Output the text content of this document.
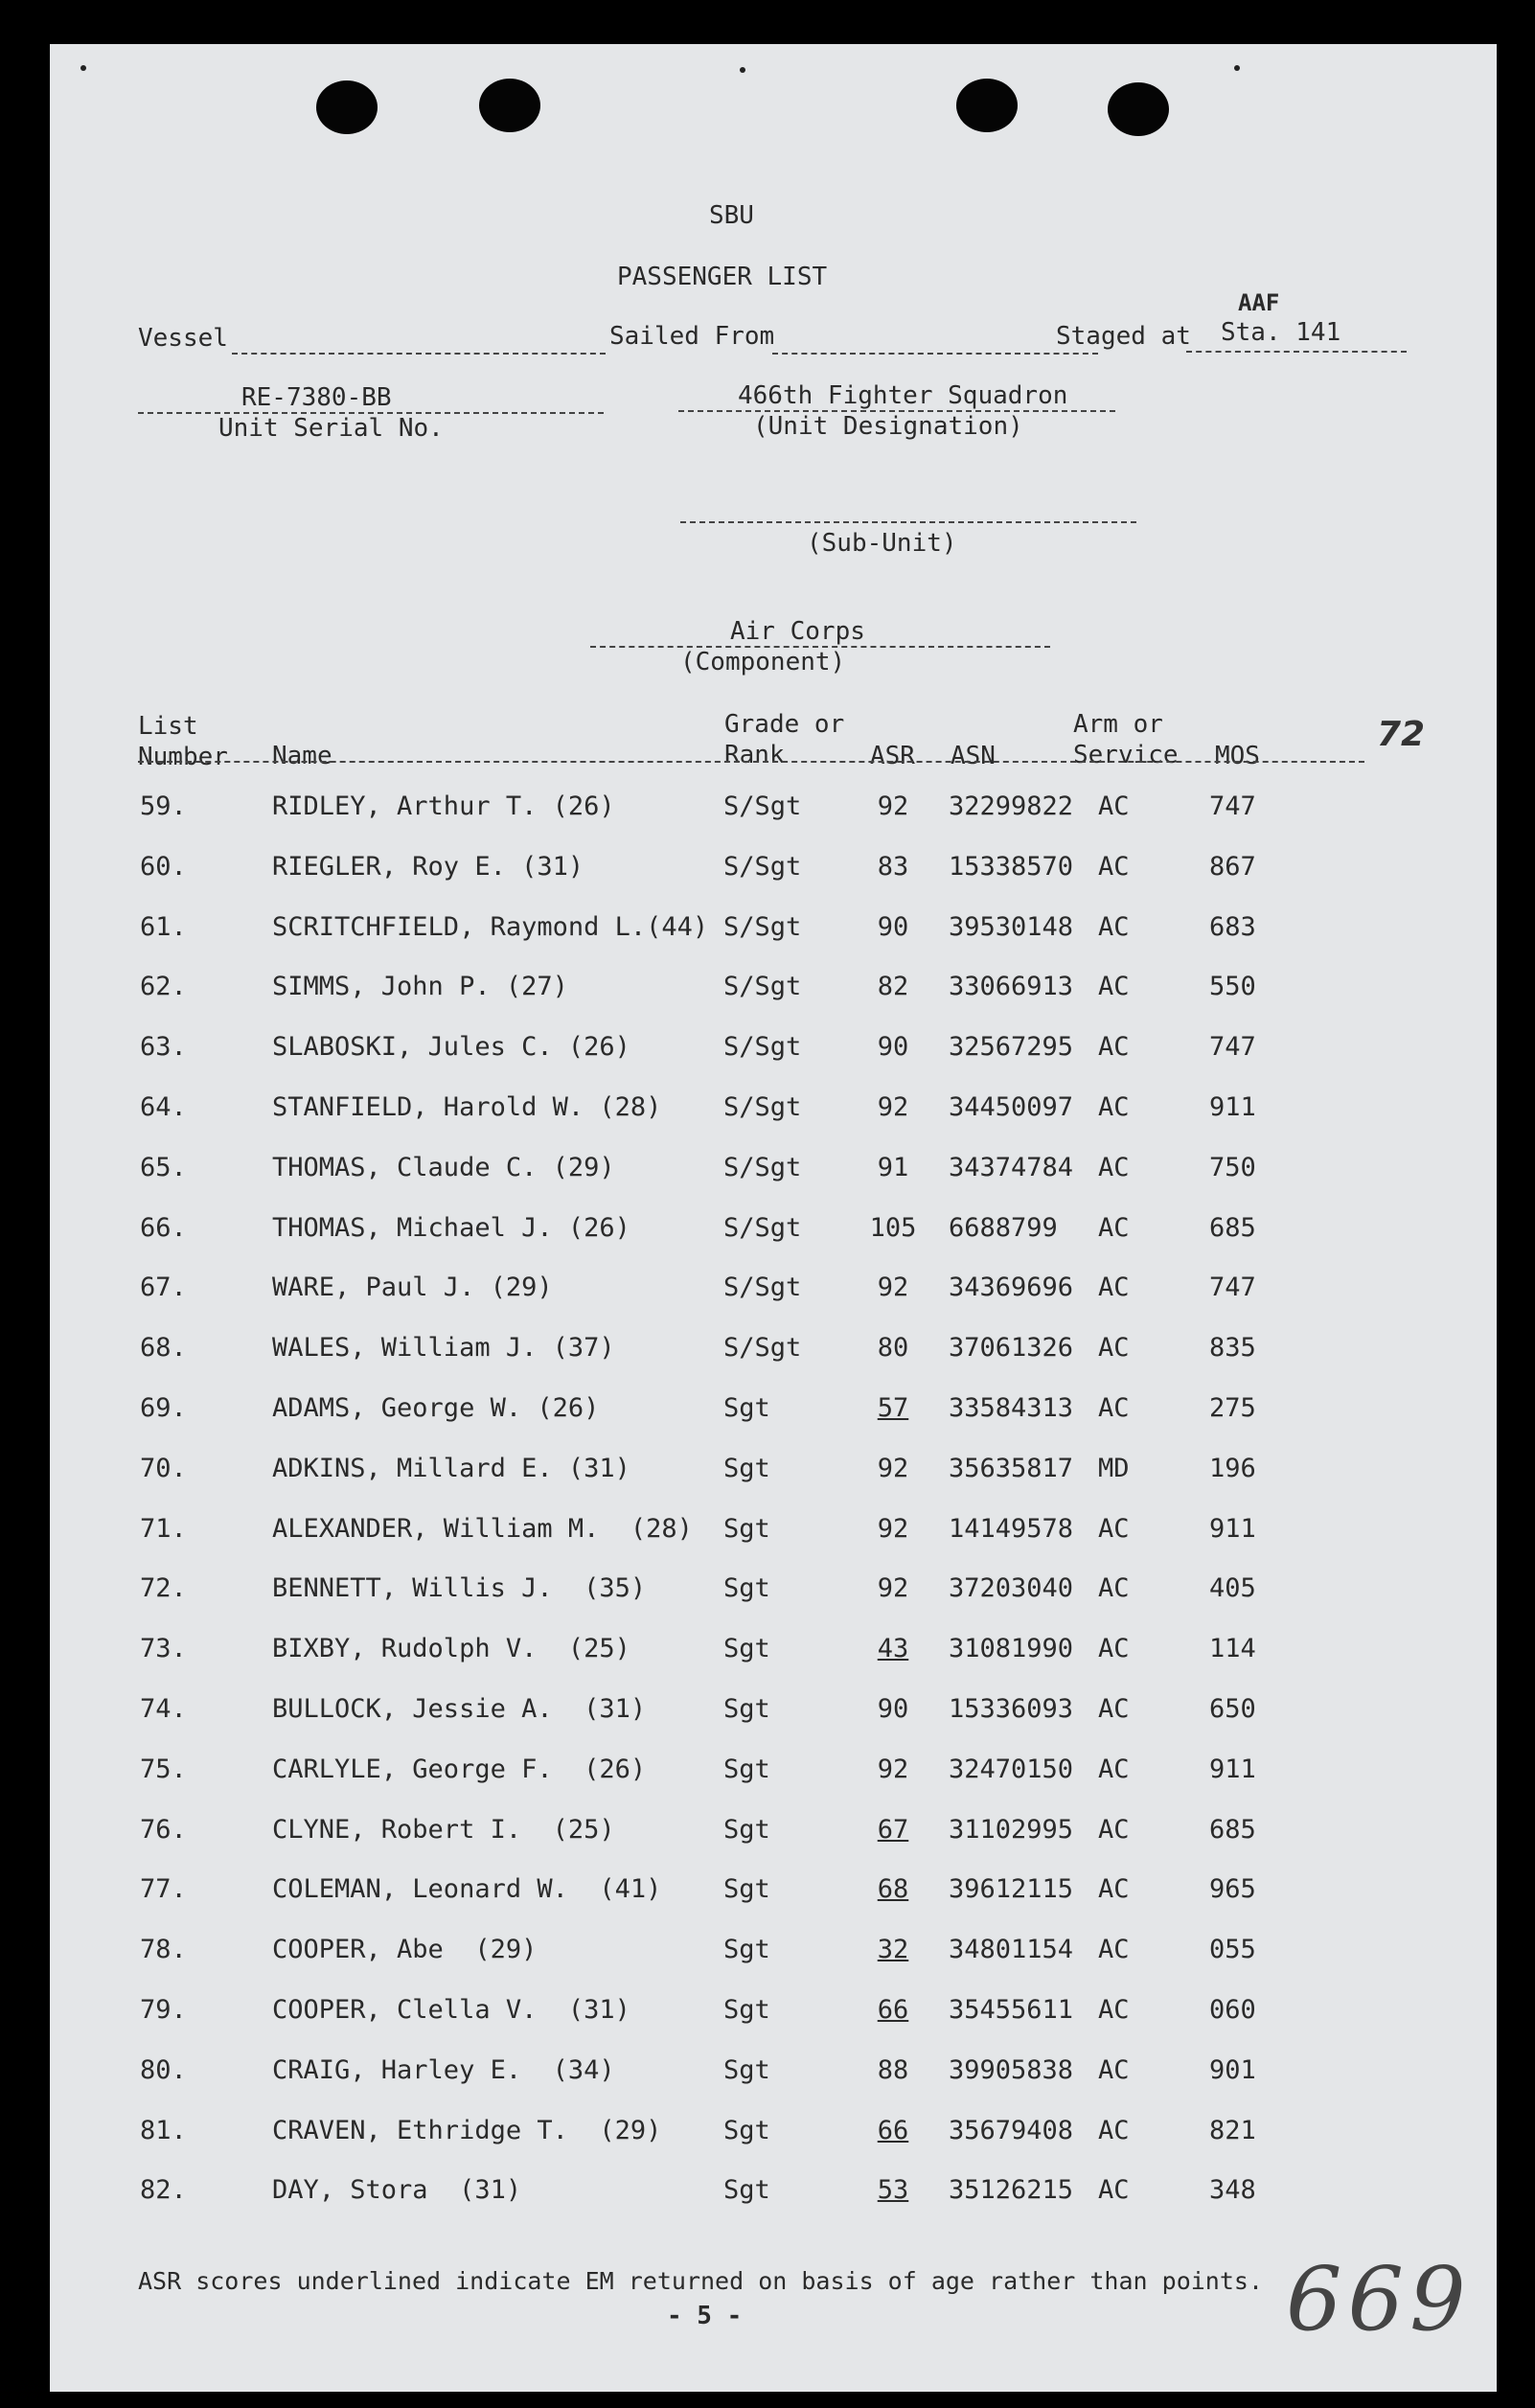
SBU
PASSENGER LIST
Vessel	Sailed From	Staged at
AAF
Sta. 141
RE-7380-BB
Unit Serial No.
466th Fighter Squadron
(Unit Designation)
(Sub-Unit)
Air Corps
(Component)
List
Number Name
Grade or
Rank	ASR ASN
Arm or
Service MOS
72
59.	RIDLEY, Arthur T. (26)	S/Sgt	92	32299822 AC	747
60.	RIEGLER, Roy E. (31)	S/Sgt	83	15338570 AC	867
61.	SCRITCHFIELD, Raymond L.(44) S/Sgt	90	39530148 AC	683
62.	SIMMS, John P. (27)	S/Sgt	82	33066913 AC	550
63.	SLABOSKI, Jules C. (26)	S/Sgt	90	32567295 AC	747
64.	STANFIELD, Harold W. (28) S/Sgt	92	34450097 AC	911
65.	THOMAS, Claude C. (29)	S/Sgt	91	34374784 AC	750
66.	THOMAS, Michael J. (26)	S/Sgt	105 6688799 AC	685
67.	WARE, Paul J. (29)	S/Sgt	92	34369696 AC	747
68.	WALES, William J. (37)	S/Sgt	80	37061326 AC	835
69.	ADAMS, George W. (26)	Sgt	57	33584313 AC	275
70.	ADKINS, Millard E. (31)	Sgt	92	35635817 MD	196
71.	ALEXANDER, William M.  (28) Sgt	92	14149578 AC	911
72.	BENNETT, Willis J.  (35)	Sgt	92	37203040 AC	405
73.	BIXBY, Rudolph V.  (25)	Sgt	43	31081990 AC	114
74.	BULLOCK, Jessie A.  (31)	Sgt	90	15336093 AC	650
75.	CARLYLE, George F.  (26)	Sgt	92	32470150 AC	911
76.	CLYNE, Robert I.  (25)	Sgt	67	31102995 AC	685
77.	COLEMAN, Leonard W.  (41) Sgt	68	39612115 AC	965
78.	COOPER, Abe  (29)	Sgt	32	34801154 AC	055
79.	COOPER, Clella V.  (31)	Sgt	66	35455611 AC	060
80.	CRAIG, Harley E.  (34)	Sgt	88	39905838 AC	901
81.	CRAVEN, Ethridge T.  (29) Sgt	66	35679408 AC	821
82.	DAY, Stora  (31)	Sgt	53	35126215 AC	348
ASR scores underlined indicate EM returned on basis of age rather than points.
- 5 -	669
